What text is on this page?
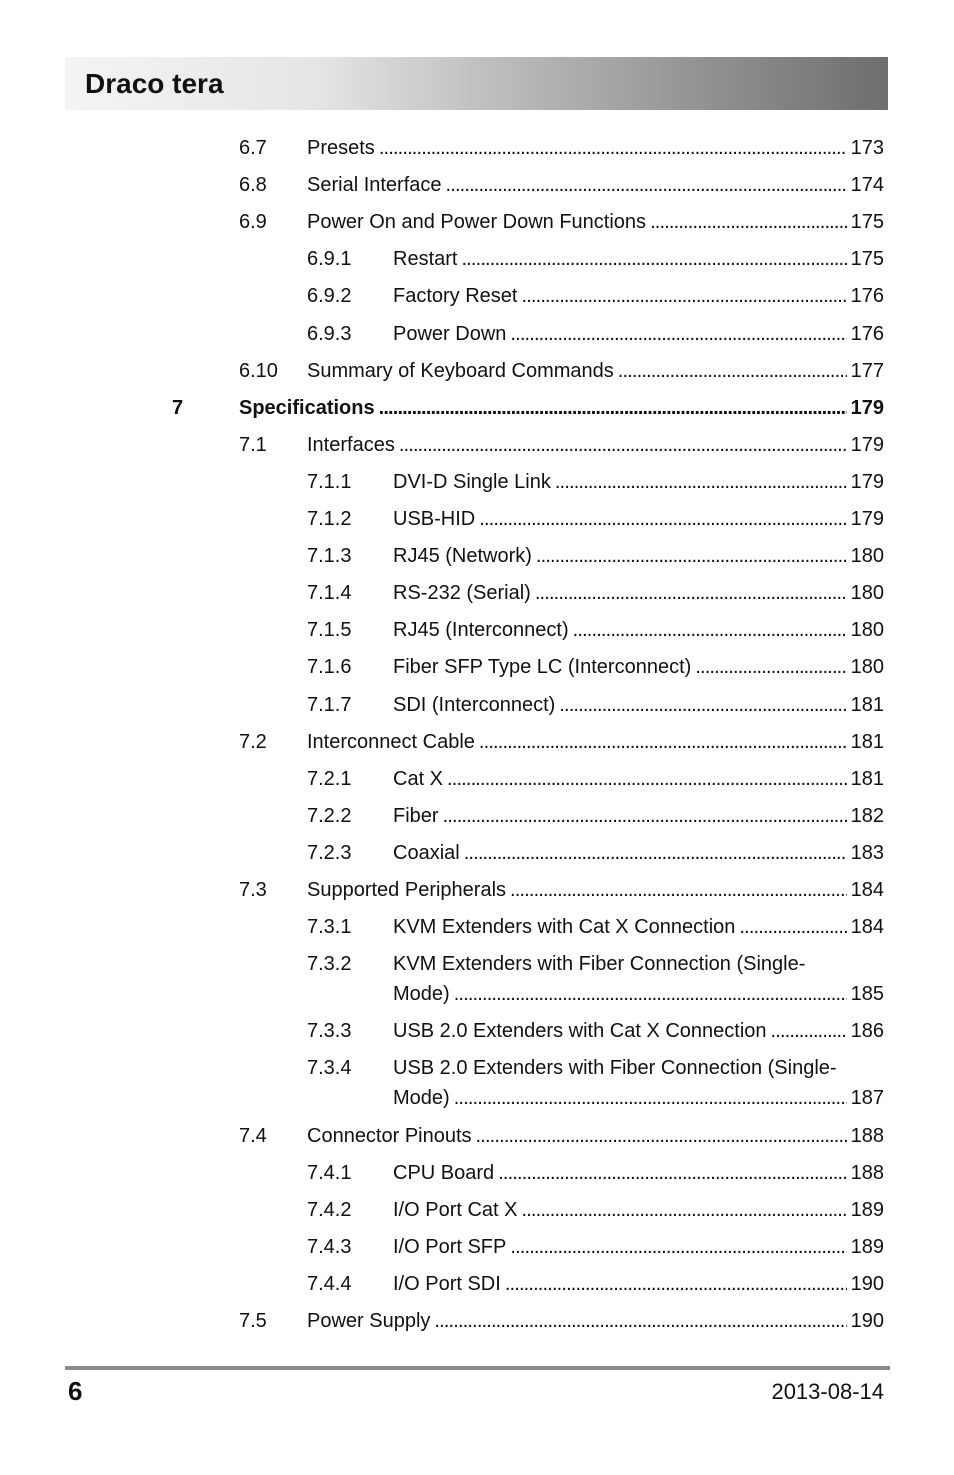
Draco tera
6.7 Presets . . .	173
6.8 Serial Interface . . .	174
6.9 Power On and Power Down Functions . . .	175
6.9.1 Restart . . .	175
6.9.2 Factory Reset . . .	176
6.9.3 Power Down . . .	176
6.10 Summary of Keyboard Commands . . .	177
7	Specifications . . .	179
7.1 Interfaces . . .	179
7.1.1 DVI-D Single Link . . .	179
7.1.2 USB-HID . . .	179
7.1.3 RJ45 (Network) . . .	180
7.1.4 RS-232 (Serial) . . .	180
7.1.5 RJ45 (Interconnect) . . .	180
7.1.6 Fiber SFP Type LC (Interconnect) . . .	180
7.1.7 SDI (Interconnect) . . .	181
7.2 Interconnect Cable . . .	181
7.2.1 Cat X . . .	181
7.2.2 Fiber . . .	182
7.2.3 Coaxial . . .	183
7.3 Supported Peripherals . . .	184
7.3.1 KVM Extenders with Cat X Connection . . .	184
7.3.2 KVM Extenders with Fiber Connection (Single-
Mode) . . .	185
7.3.3 USB 2.0 Extenders with Cat X Connection . . .	186
7.3.4 USB 2.0 Extenders with Fiber Connection (Single-
Mode) . . .	187
7.4 Connector Pinouts . . .	188
7.4.1 CPU Board . . .	188
7.4.2 I/O Port Cat X . . .	189
7.4.3 I/O Port SFP . . .	189
7.4.4 I/O Port SDI . . .	190
7.5 Power Supply . . .	190
6	2013-08-14
